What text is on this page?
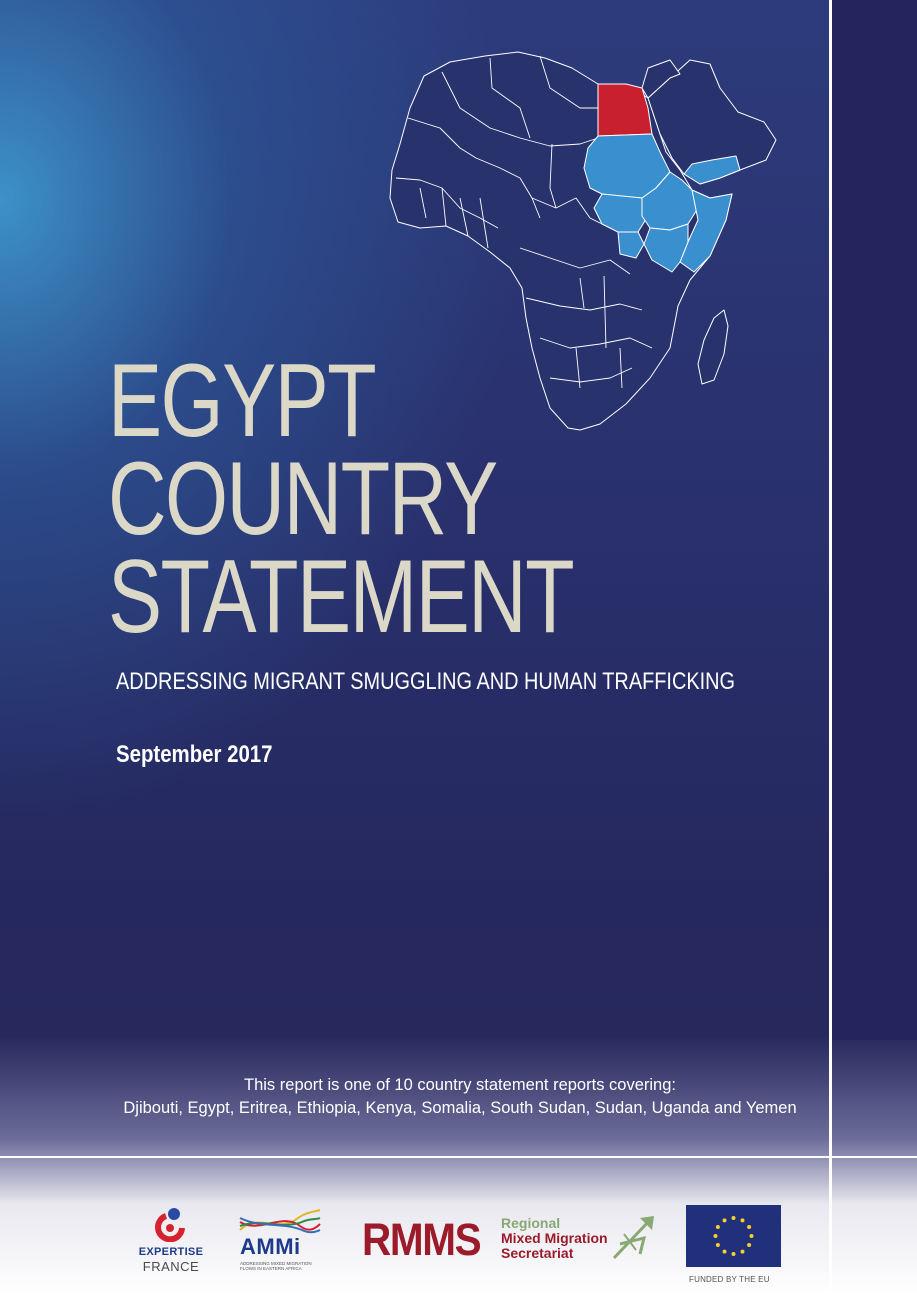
EGYPT
COUNTRY
STATEMENT
ADDRESSING MIGRANT SMUGGLING AND HUMAN TRAFFICKING
September 2017
This report is one of 10 country statement reports covering:
Djibouti, Egypt, Eritrea, Ethiopia, Kenya, Somalia, South Sudan, Sudan, Uganda and Yemen
EXPERTISE
FRANCE
AMMi
ADDRESSING MIXED MIGRATION FLOWS IN EASTERN AFRICA
RMMS Regional
Mixed Migration
Secretariat
FUNDED BY THE EU
